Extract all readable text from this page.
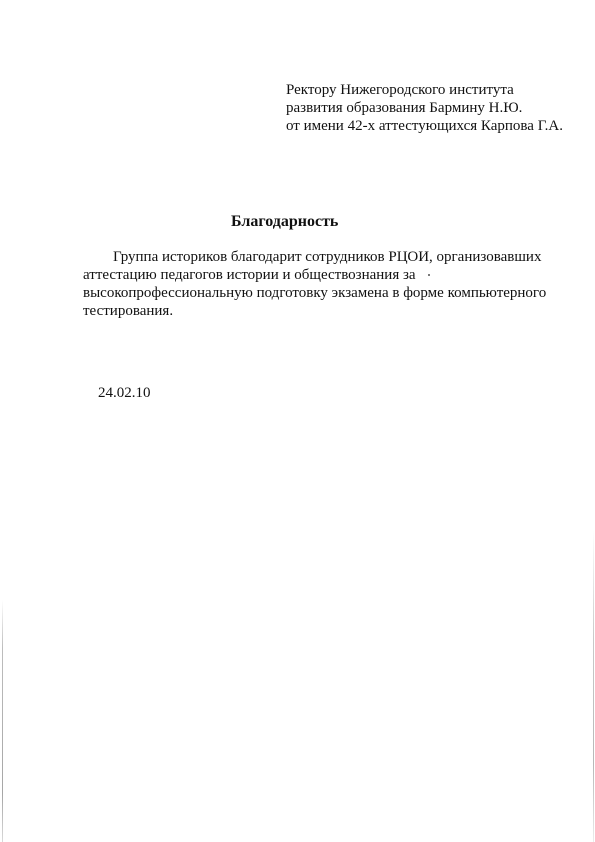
Ректору Нижегородского института
развития образования Бармину Н.Ю.
от имени 42-х аттестующихся Карпова Г.А.
Благодарность
Группа историков благодарит сотрудников РЦОИ, организовавших
аттестацию педагогов истории и обществознания за
высокопрофессиональную подготовку экзамена в форме компьютерного
тестирования.
24.02.10
